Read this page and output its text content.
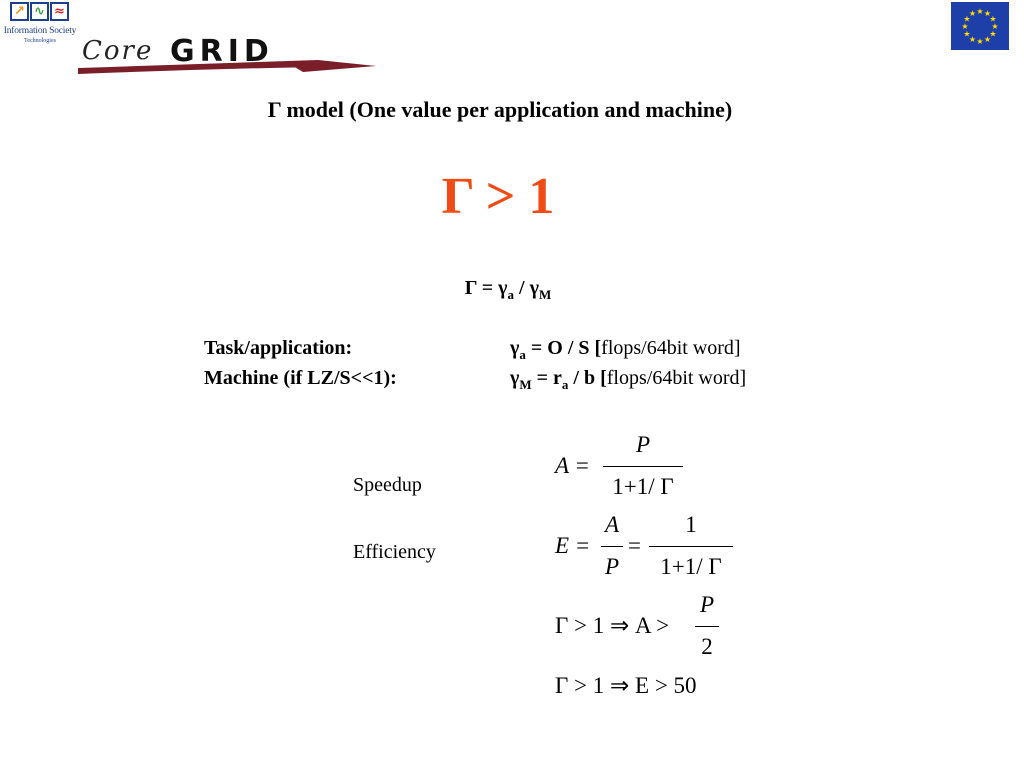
↗ ∿ ≈
Information Society
Technologies	Core GRID
★ ★
★
★
★
★
★
★
★
★
★
★
Γ model (One value per application and machine)
Γ > 1
$\Gamma = \gamma_a / \gamma_M$
Task/application:	$\gamma_a = O / S$ [flops/64bit word]
Machine (if LZ/S<<1):	$\gamma_M = r_a / b$ [flops/64bit word]
Speedup
Efficiency
A =
P
1+1/ Γ
E =
A
P
=
1
1+1/ Γ
Γ > 1 ⇒ A >
P
2
Γ > 1 ⇒ E > 50
